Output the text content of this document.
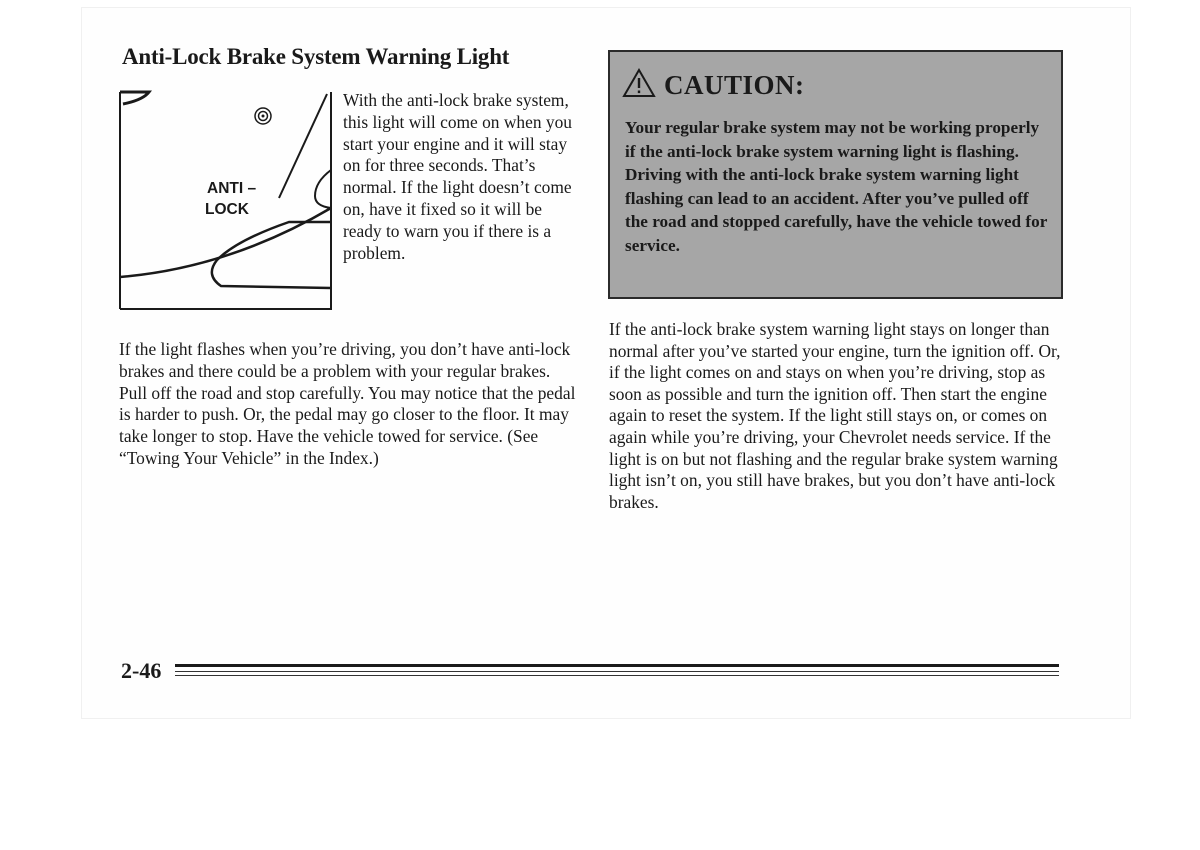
Anti-Lock Brake System Warning Light
ANTI –
LOCK

With the anti-lock brake system, this light will come on when you start your engine and it will stay on for three seconds. That’s normal. If the light doesn’t come on, have it fixed so it will be ready to warn you if there is a problem.

If the light flashes when you’re driving, you don’t have anti-lock brakes and there could be a problem with your regular brakes. Pull off the road and stop carefully. You may notice that the pedal is harder to push. Or, the pedal may go closer to the floor. It may take longer to stop. Have the vehicle towed for service. (See “Towing Your Vehicle” in the Index.)

CAUTION:

Your regular brake system may not be working properly if the anti-lock brake system warning light is flashing. Driving with the anti-lock brake system warning light flashing can lead to an accident. After you’ve pulled off the road and stopped carefully, have the vehicle towed for service.

If the anti-lock brake system warning light stays on longer than normal after you’ve started your engine, turn the ignition off. Or, if the light comes on and stays on when you’re driving, stop as soon as possible and turn the ignition off. Then start the engine again to reset the system. If the light still stays on, or comes on again while you’re driving, your Chevrolet needs service. If the light is on but not flashing and the regular brake system warning light isn’t on, you still have brakes, but you don’t have anti-lock brakes.

2-46
